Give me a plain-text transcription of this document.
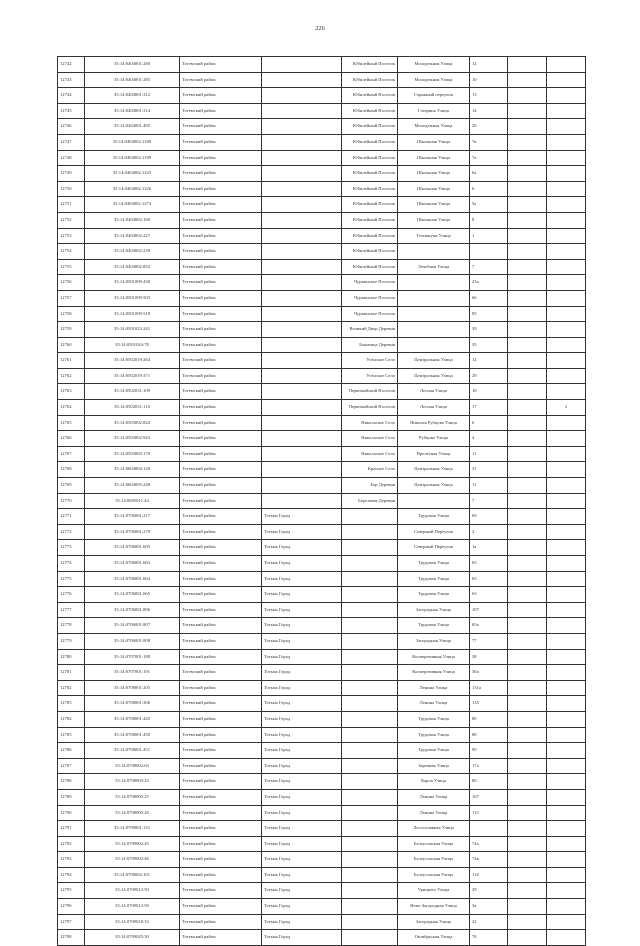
226
12742	35:14:0404001:280	Тотемский район		Юбилейный Поселок	Молодежная Улица	12		
12743	35:14:0404001:285	Тотемский район		Юбилейный Поселок	Молодежная Улица	10		
12744	35:14:0404001:312	Тотемский район		Юбилейный Поселок	Гаражный переулок	13		
12745	35:14:0404001:314	Тотемский район		Юбилейный Поселок	Гагарина Улица	14		
12746	35:14:0404001:495	Тотемский район		Юбилейный Поселок	Молодежная Улица	20		
12747	35:14:0404002:1180	Тотемский район		Юбилейный Поселок	Школьная Улица	7в		
12748	35:14:0404002:1189	Тотемский район		Юбилейный Поселок	Школьная Улица	7а		
12749	35:14:0404002:1225	Тотемский район		Юбилейный Поселок	Школьная Улица	6а		
12750	35:14:0404002:1226	Тотемский район		Юбилейный Поселок	Школьная Улица	6		
12751	35:14:0404002:1273	Тотемский район		Юбилейный Поселок	Школьная Улица	5а		
12752	35:14:0404002:160	Тотемский район		Юбилейный Поселок	Школьная Улица	8		
12753	35:14:0404002:227	Тотемский район		Юбилейный Поселок	Техникума Улица	1		
12754	35:14:0404002:230	Тотемский район		Юбилейный Поселок				
12755	35:14:0404002:852	Тотемский район		Юбилейный Поселок	Лечебная Улица	7		
12756	35:14:0501009:430	Тотемский район		Чуркинское Поселок		23а		
12757	35:14:0501009:503	Тотемский район		Чуркинское Поселок		66		
12758	35:14:0501009:518	Тотемский район		Чуркинское Поселок		85		
12759	35:14:0501023:241	Тотемский район		Великий Двор Деревня		39		
12760	35:14:0501024:78	Тотемский район		Боковица Деревня		35		
12761	35:14:0502019:264	Тотемский район		Усенское Село	Центральная Улица	12		
12762	35:14:0502019:371	Тотемский район		Усенское Село	Центральная Улица	29		
12763	35:14:0502031:109	Тотемский район		Первомайский Поселок	Лесная Улица	18		
12764	35:14:0502031:110	Тотемский район		Первомайский Поселок	Лесная Улица	17		2
12765	35:14:0503002:824	Тотемский район		Никольское Село	Николая Рубцова Улица	6		
12766	35:14:0503002:943	Тотемский район		Никольское Село	Рубцова Улица	4		
12767	35:14:0503003:170	Тотемский район		Никольское Село	Пролетная Улица	11		
12768	35:14:0604004:120	Тотемский район		Красное Село	Центральная Улица	31		
12769	35:14:0604005:248	Тотемский район		Бор Деревня	Центральная Улица	11		
12770	35:14:0605011:44	Тотемский район		Березовая Деревня		7		
12771	35:14:0706001:217	Тотемский район	Тотьма Город		Трудовая Улица	69		
12772	35:14:0706001:278	Тотемский район	Тотьма Город		Северный Переулок	2		
12773	35:14:0706001:605	Тотемский район	Тотьма Город		Северный Переулок	1а		
12774	35:14:0706001:663	Тотемский район	Тотьма Город		Трудовая Улица	65		
12775	35:14:0706001:664	Тотемский район	Тотьма Город		Трудовая Улица	65		
12776	35:14:0706001:665	Тотемский район	Тотьма Город		Трудовая Улица	63		
12777	35:14:0706001:806	Тотемский район	Тотьма Город		Загородная Улица	107		
12778	35:14:0706001:807	Тотемский район	Тотьма Город		Трудовая Улица	65а		
12779	35:14:0706001:808	Тотемский район	Тотьма Город		Загородная Улица	77		
12780	35:14:0707001:188	Тотемский район	Тотьма Город		Кооперативная Улица	38		
12781	35:14:0707001:191	Тотемский район	Тотьма Город		Кооперативная Улица	36а		
12782	35:14:0708001:205	Тотемский район	Тотьма Город		Ленина Улица	131а		
12783	35:14:0708001:306	Тотемский район	Тотьма Город		Ленина Улица	135		
12784	35:14:0708001:445	Тотемский район	Тотьма Город		Трудовая Улица	80		
12785	35:14:0708001:450	Тотемский район	Тотьма Город		Трудовая Улица	88		
12786	35:14:0708001:451	Тотемский район	Тотьма Город		Трудовая Улица	90		
12787	35:14:0708002:63	Тотемский район	Тотьма Город		Заречная Улица	17а		
12788	35:14:0708003:23	Тотемский район	Тотьма Город		Карла Улица	80		
12789	35:14:0708005:25	Тотемский район	Тотьма Город		Ленина Улица	107		
12790	35:14:0708005:26	Тотемский район	Тотьма Город		Ленина Улица	113		
12791	35:14:0709001:131	Тотемский район	Тотьма Город		Лесосплавная Улица			
12792	35:14:0709002:45	Тотемский район	Тотьма Город		Белоусовская Улица	74а		
12793	35:14:0709002:46	Тотемский район	Тотьма Город		Белоусовская Улица	74в		
12794	35:14:0709002:101	Тотемский район	Тотьма Город		Белоусовская Улица	114		
12795	35:14:0709013:50	Тотемский район	Тотьма Город		Урицкого Улица	29		
12796	35:14:0709013:59	Тотемский район	Тотьма Город		Ново-Загородная Улица	3а		
12797	35:14:0709018:33	Тотемский район	Тотьма Город		Загородная Улица	22		
12798	35:14:0709025:30	Тотемский район	Тотьма Город		Октябрьская Улица	76		
